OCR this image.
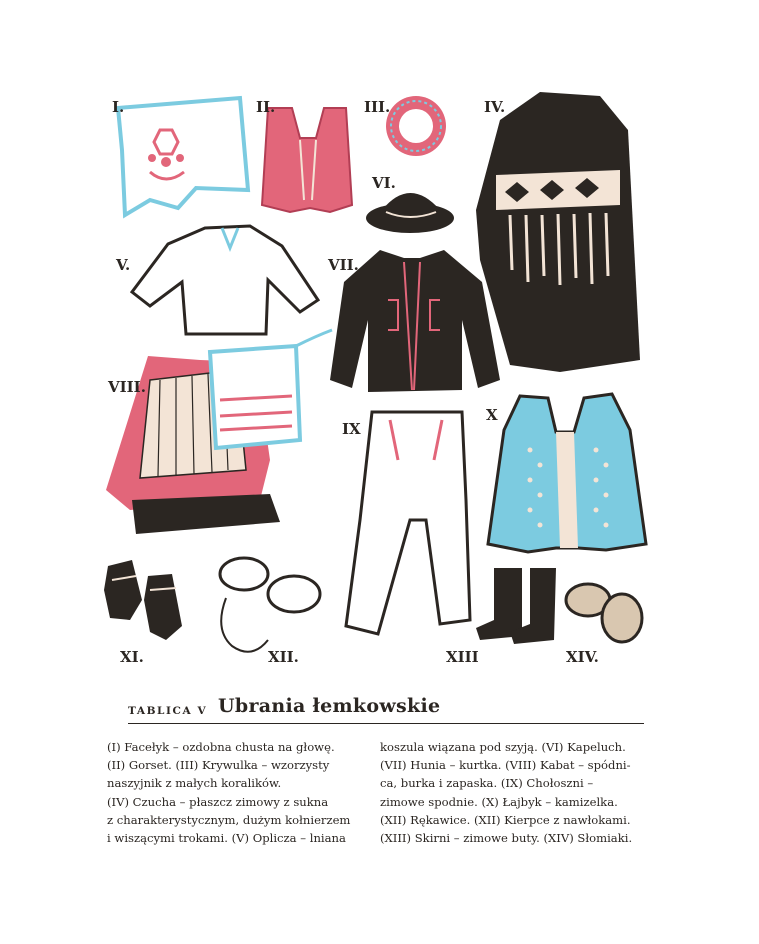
I.	II.	III.	IV.
V.
VI.
VII.
VIII.
IX
X
XI.	XII.	XIII	XIV.
TABLICA V Ubrania łemkowskie
(I) Facełyk – ozdobna chusta na głowę.
(II) Gorset. (III) Krywulka – wzorzysty
naszyjnik z małych koralików.
(IV) Czucha – płaszcz zimowy z sukna
z charakterystycznym, dużym kołnierzem
i wiszącymi trokami. (V) Oplicza – lniana
koszula wiązana pod szyją. (VI) Kapeluch.
(VII) Hunia – kurtka. (VIII) Kabat – spódni-
ca, burka i zapaska. (IX) Chołoszni –
zimowe spodnie. (X) Łajbyk – kamizelka.
(XII) Rękawice. (XII) Kierpce z nawłokami.
(XIII) Skirni – zimowe buty. (XIV) Słomiaki.
